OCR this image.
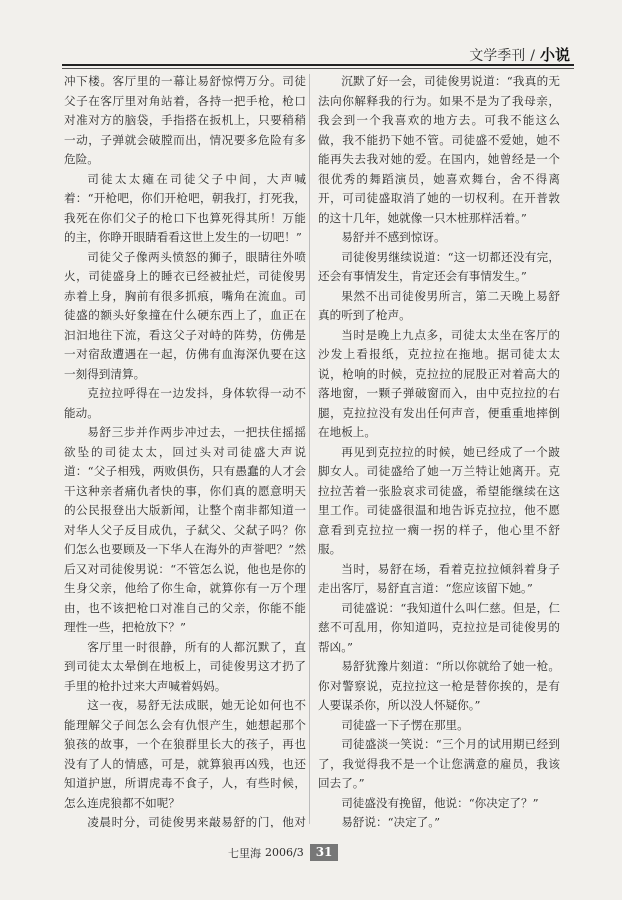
文学季刊 / 小说

冲下楼。客厅里的一幕让易舒惊愕万分。司徒父子在客厅里对角站着，各持一把手枪，枪口对准对方的脑袋，手指搭在扳机上，只要稍稍一动，子弹就会破膛而出，情况要多危险有多危险。

司徒太太瘫在司徒父子中间，大声喊着：“开枪吧，你们开枪吧，朝我打，打死我，我死在你们父子的枪口下也算死得其所！万能的主，你睁开眼睛看看这世上发生的一切吧！”

司徒父子像两头愤怒的狮子，眼睛往外喷火，司徒盛身上的睡衣已经被扯烂，司徒俊男赤着上身，胸前有很多抓痕，嘴角在流血。司徒盛的额头好象撞在什么硬东西上了，血正在汩汩地往下流，看这父子对峙的阵势，仿佛是一对宿敌遭遇在一起，仿佛有血海深仇要在这一刻得到清算。

克拉拉呼得在一边发抖，身体软得一动不能动。

易舒三步并作两步冲过去，一把扶住摇摇欲坠的司徒太太，回过头对司徒盛大声说道：“父子相残，两败俱伤，只有愚蠢的人才会干这种亲者痛仇者快的事，你们真的愿意明天的公民报登出大版新闻，让整个南非都知道一对华人父子反目成仇，子弑父、父弑子吗？你们怎么也要顾及一下华人在海外的声誉吧？”然后又对司徒俊男说：“不管怎么说，他也是你的生身父亲，他给了你生命，就算你有一万个理由，也不该把枪口对准自己的父亲，你能不能理性一些，把枪放下？”

客厅里一时很静，所有的人都沉默了，直到司徒太太晕倒在地板上，司徒俊男这才扔了手里的枪扑过来大声喊着妈妈。

这一夜，易舒无法成眠，她无论如何也不能理解父子间怎么会有仇恨产生，她想起那个狼孩的故事，一个在狼群里长大的孩子，再也没有了人的情感，可是，就算狼再凶残，也还知道护崽，所谓虎毒不食子，人，有些时候，怎么连虎狼都不如呢？

凌晨时分，司徒俊男来敲易舒的门，他对

沉默了好一会，司徒俊男说道：“我真的无法向你解释我的行为。如果不是为了我母亲，我会到一个我喜欢的地方去。可我不能这么做，我不能扔下她不管。司徒盛不爱她，她不能再失去我对她的爱。在国内，她曾经是一个很优秀的舞蹈演员，她喜欢舞台，舍不得离开，可司徒盛取消了她的一切权利。在开普敦的这十几年，她就像一只木桩那样活着。”

易舒并不感到惊讶。

司徒俊男继续说道：“这一切都还没有完，还会有事情发生，肯定还会有事情发生。”

果然不出司徒俊男所言，第二天晚上易舒真的听到了枪声。

当时是晚上九点多，司徒太太坐在客厅的沙发上看报纸，克拉拉在拖地。据司徒太太说，枪响的时候，克拉拉的屁股正对着高大的落地窗，一颗子弹破窗而入，由中克拉拉的右腿，克拉拉没有发出任何声音，便重重地摔倒在地板上。

再见到克拉拉的时候，她已经成了一个跛脚女人。司徒盛给了她一万兰特让她离开。克拉拉苦着一张脸哀求司徒盛，希望能继续在这里工作。司徒盛很温和地告诉克拉拉，他不愿意看到克拉拉一瘸一拐的样子，他心里不舒服。

当时，易舒在场，看着克拉拉倾斜着身子走出客厅，易舒直言道：“您应该留下她。”

司徒盛说：“我知道什么叫仁慈。但是，仁慈不可乱用，你知道吗，克拉拉是司徒俊男的帮凶。”

易舒犹豫片刻道：“所以你就给了她一枪。你对警察说，克拉拉这一枪是替你挨的，是有人要谋杀你，所以没人怀疑你。”

司徒盛一下子愣在那里。

司徒盛淡一笑说：“三个月的试用期已经到了，我觉得我不是一个让您满意的雇员，我该回去了。”

司徒盛没有挽留，他说：“你决定了？”

易舒说：“决定了。”

七里海 2006/3	31
